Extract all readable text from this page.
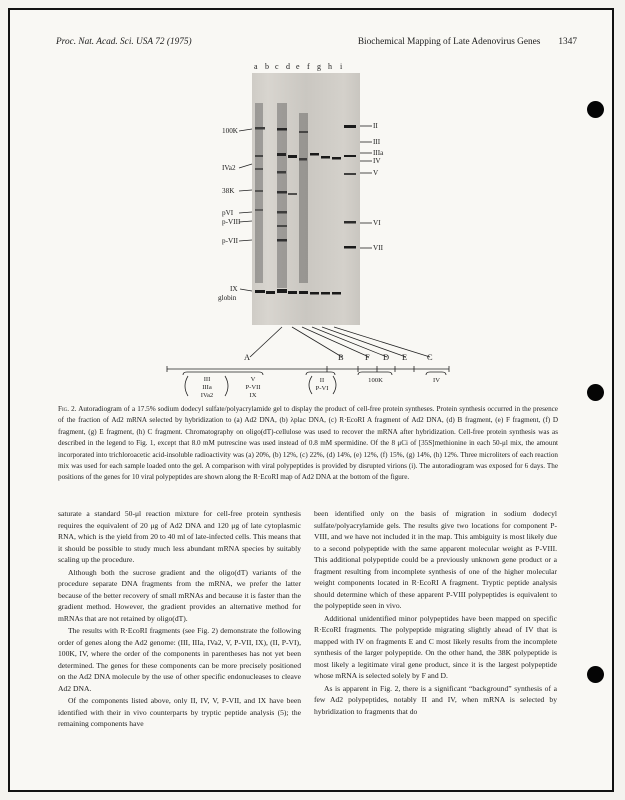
Proc. Nat. Acad. Sci. USA 72 (1975)	Biochemical Mapping of Late Adenovirus Genes 1347
a b c d e f g h i
100K
IVa2
38K
pVI
p-VIII
p-VII
IX
globin
II
III
IIIa
IV
V
VI
VII
A	B	F D E C
III
IIIa
IVa2
V
P-VII
IX
II
P-VI
100K	IV
Fig. 2. Autoradiogram of a 17.5% sodium dodecyl sulfate/polyacrylamide gel to display the product of cell-free protein syntheses. Protein synthesis occurred in the presence of the fraction of Ad2 mRNA selected by hybridization to (a) Ad2 DNA, (b) λplac DNA, (c) R·EcoRI A fragment of Ad2 DNA, (d) B fragment, (e) F fragment, (f) D fragment, (g) E fragment, (h) C fragment. Chromatography on oligo(dT)-cellulose was used to recover the mRNA after hybridization. Cell-free protein synthesis was as described in the legend to Fig. 1, except that 8.0 mM putrescine was used instead of 0.8 mM spermidine. Of the 8 μCi of [35S]methionine in each 50-μl mix, the amount incorporated into trichloroacetic acid-insoluble radioactivity was (a) 20%, (b) 12%, (c) 22%, (d) 14%, (e) 12%, (f) 15%, (g) 14%, (h) 12%. Three microliters of each reaction mix was used for each sample loaded onto the gel. A comparison with viral polypeptides is provided by disrupted virions (i). The autoradiogram was exposed for 6 days. The positions of the genes for 10 viral polypeptides are shown along the R·EcoRI map of Ad2 DNA at the bottom of the figure.

saturate a standard 50-μl reaction mixture for cell-free protein synthesis requires the equivalent of 20 μg of Ad2 DNA and 120 μg of late cytoplasmic RNA, which is the yield from 20 to 40 ml of late-infected cells. This means that it should be possible to study much less abundant mRNA species by suitably scaling up the procedure.

Although both the sucrose gradient and the oligo(dT) variants of the procedure separate DNA fragments from the mRNA, we prefer the latter because of the better recovery of small mRNAs and because it is faster than the gradient method. However, the gradient provides an alternative method for mRNAs that are not retained by oligo(dT).

The results with R·EcoRI fragments (see Fig. 2) demonstrate the following order of genes along the Ad2 genome: (III, IIIa, IVa2, V, P-VII, IX), (II, P-VI), 100K, IV, where the order of the components in parentheses has not yet been determined. The genes for these components can be more precisely positioned on the Ad2 DNA molecule by the use of other specific endonucleases to cleave Ad2 DNA.

Of the components listed above, only II, IV, V, P-VII, and IX have been identified with their in vivo counterparts by tryptic peptide analysis (5); the remaining components have

been identified only on the basis of migration in sodium dodecyl sulfate/polyacrylamide gels. The results give two locations for component P-VIII, and we have not included it in the map. This ambiguity is most likely due to a second polypeptide with the same apparent molecular weight as P-VIII. This additional polypeptide could be a previously unknown gene product or a fragment resulting from incomplete synthesis of one of the higher molecular weight components located in R·EcoRI A fragment. Tryptic peptide analysis should determine which of these apparent P-VIII polypeptides is equivalent to the polypeptide seen in vivo.

Additional unidentified minor polypeptides have been mapped on specific R·EcoRI fragments. The polypeptide migrating slightly ahead of IV that is mapped with IV on fragments E and C most likely results from the incomplete synthesis of the larger polypeptide. On the other hand, the 38K polypeptide is most likely a legitimate viral gene product, since it is the largest polypeptide whose mRNA is selected solely by F and D.

As is apparent in Fig. 2, there is a significant “background” synthesis of a few Ad2 polypeptides, notably II and IV, when mRNA is selected by hybridization to fragments that do
